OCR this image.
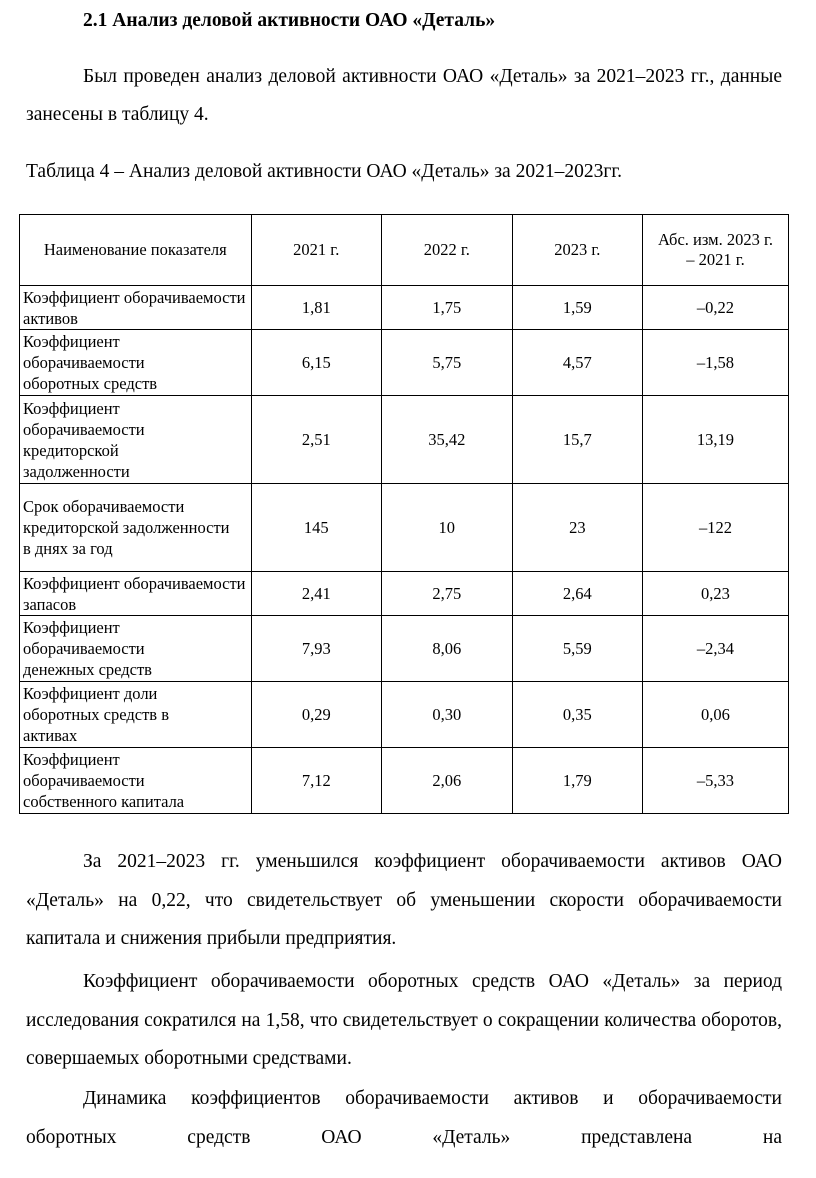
2.1 Анализ деловой активности ОАО «Деталь»

Был проведен анализ деловой активности ОАО «Деталь» за 2021–2023 гг., данные занесены в таблицу 4.

Таблица 4 – Анализ деловой активности ОАО «Деталь» за 2021–2023гг.
Наименование показателя	2021 г.	2022 г.	2023 г.	Абс. изм. 2023 г. – 2021 г.
Коэффициент оборачиваемости активов	1,81	1,75	1,59	–0,22
Коэффициент оборачиваемости оборотных средств	6,15	5,75	4,57	–1,58
Коэффициент оборачиваемости кредиторской задолженности	2,51	35,42	15,7	13,19
Срок оборачиваемости кредиторской задолженности в днях за год	145	10	23	–122
Коэффициент оборачиваемости запасов	2,41	2,75	2,64	0,23
Коэффициент оборачиваемости денежных средств	7,93	8,06	5,59	–2,34
Коэффициент доли оборотных средств в активах	0,29	0,30	0,35	0,06
Коэффициент оборачиваемости собственного капитала	7,12	2,06	1,79	–5,33

За 2021–2023 гг. уменьшился коэффициент оборачиваемости активов ОАО «Деталь» на 0,22, что свидетельствует об уменьшении скорости оборачиваемости капитала и снижения прибыли предприятия.

Коэффициент оборачиваемости оборотных средств ОАО «Деталь» за период исследования сократился на 1,58, что свидетельствует о сокращении количества оборотов, совершаемых оборотными средствами.

Динамика коэффициентов оборачиваемости активов и оборачиваемости оборотных средств ОАО «Деталь» представлена на
